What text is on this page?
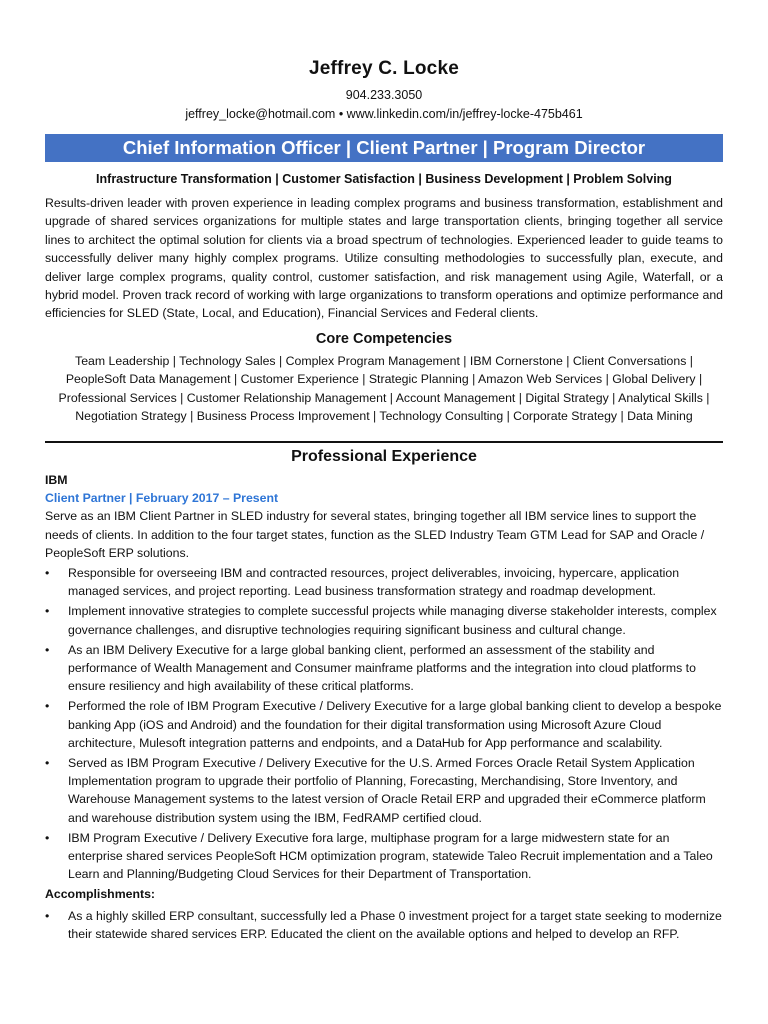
Jeffrey C. Locke
904.233.3050
jeffrey_locke@hotmail.com • www.linkedin.com/in/jeffrey-locke-475b461
Chief Information Officer | Client Partner | Program Director
Infrastructure Transformation | Customer Satisfaction | Business Development | Problem Solving
Results-driven leader with proven experience in leading complex programs and business transformation, establishment and upgrade of shared services organizations for multiple states and large transportation clients, bringing together all service lines to architect the optimal solution for clients via a broad spectrum of technologies. Experienced leader to guide teams to successfully deliver many highly complex programs. Utilize consulting methodologies to successfully plan, execute, and deliver large complex programs, quality control, customer satisfaction, and risk management using Agile, Waterfall, or a hybrid model. Proven track record of working with large organizations to transform operations and optimize performance and efficiencies for SLED (State, Local, and Education), Financial Services and Federal clients.
Core Competencies
Team Leadership | Technology Sales | Complex Program Management | IBM Cornerstone | Client Conversations | PeopleSoft Data Management | Customer Experience | Strategic Planning | Amazon Web Services | Global Delivery | Professional Services | Customer Relationship Management | Account Management | Digital Strategy | Analytical Skills | Negotiation Strategy | Business Process Improvement | Technology Consulting | Corporate Strategy | Data Mining
Professional Experience
IBM
Client Partner | February 2017 – Present
Serve as an IBM Client Partner in SLED industry for several states, bringing together all IBM service lines to support the needs of clients. In addition to the four target states, function as the SLED Industry Team GTM Lead for SAP and Oracle / PeopleSoft ERP solutions.
• Responsible for overseeing IBM and contracted resources, project deliverables, invoicing, hypercare, application managed services, and project reporting. Lead business transformation strategy and roadmap development.
• Implement innovative strategies to complete successful projects while managing diverse stakeholder interests, complex governance challenges, and disruptive technologies requiring significant business and cultural change.
• As an IBM Delivery Executive for a large global banking client, performed an assessment of the stability and performance of Wealth Management and Consumer mainframe platforms and the integration into cloud platforms to ensure resiliency and high availability of these critical platforms.
• Performed the role of IBM Program Executive / Delivery Executive for a large global banking client to develop a bespoke banking App (iOS and Android) and the foundation for their digital transformation using Microsoft Azure Cloud architecture, Mulesoft integration patterns and endpoints, and a DataHub for App performance and scalability.
• Served as IBM Program Executive / Delivery Executive for the U.S. Armed Forces Oracle Retail System Application Implementation program to upgrade their portfolio of Planning, Forecasting, Merchandising, Store Inventory, and Warehouse Management systems to the latest version of Oracle Retail ERP and upgraded their eCommerce platform and warehouse distribution system using the IBM, FedRAMP certified cloud.
• IBM Program Executive / Delivery Executive fora large, multiphase program for a large midwestern state for an enterprise shared services PeopleSoft HCM optimization program, statewide Taleo Recruit implementation and a Taleo Learn and Planning/Budgeting Cloud Services for their Department of Transportation.
Accomplishments:
• As a highly skilled ERP consultant, successfully led a Phase 0 investment project for a target state seeking to modernize their statewide shared services ERP. Educated the client on the available options and helped to develop an RFP.
